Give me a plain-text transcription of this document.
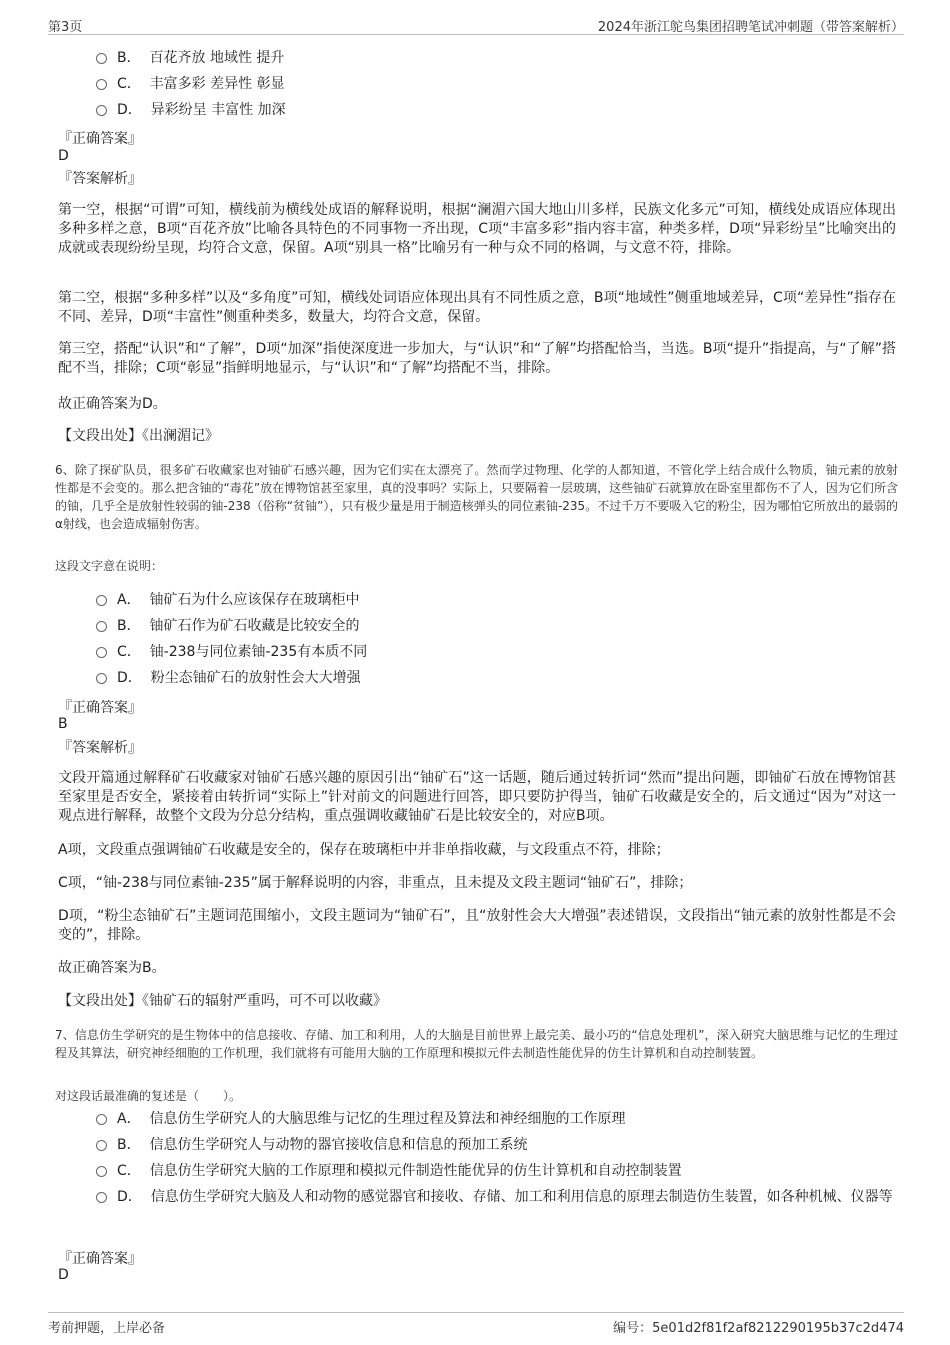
第3页	2024年浙江鸵鸟集团招聘笔试冲刺题（带答案解析）
B． 百花齐放 地域性 提升
C． 丰富多彩 差异性 彰显
D． 异彩纷呈 丰富性 加深
『正确答案』
D
『答案解析』
第一空，根据“可谓”可知，横线前为横线处成语的解释说明，根据“澜湄六国大地山川多样，民族文化多元”可知，横线处成语应体现出多种多样之意，B项“百花齐放”比喻各具特色的不同事物一齐出现，C项“丰富多彩”指内容丰富，种类多样，D项“异彩纷呈”比喻突出的成就或表现纷纷呈现，均符合文意，保留。A项“别具一格”比喻另有一种与众不同的格调，与文意不符，排除。
第二空，根据“多种多样”以及“多角度”可知，横线处词语应体现出具有不同性质之意，B项“地域性”侧重地域差异，C项“差异性”指存在不同、差异，D项“丰富性”侧重种类多，数量大，均符合文意，保留。
第三空，搭配“认识”和“了解”，D项“加深”指使深度进一步加大，与“认识”和“了解”均搭配恰当，当选。B项“提升”指提高，与“了解”搭配不当，排除；C项“彰显”指鲜明地显示，与“认识”和“了解”均搭配不当，排除。
故正确答案为D。
【文段出处】《出澜湄记》
6、除了探矿队员，很多矿石收藏家也对铀矿石感兴趣，因为它们实在太漂亮了。然而学过物理、化学的人都知道，不管化学上结合成什么物质，铀元素的放射性都是不会变的。那么把含铀的“毒花”放在博物馆甚至家里，真的没事吗？实际上，只要隔着一层玻璃，这些铀矿石就算放在卧室里都伤不了人，因为它们所含的铀，几乎全是放射性较弱的铀-238（俗称“贫铀”），只有极少量是用于制造核弹头的同位素铀-235。不过千万不要吸入它的粉尘，因为哪怕它所放出的最弱的α射线，也会造成辐射伤害。
这段文字意在说明：
A． 铀矿石为什么应该保存在玻璃柜中
B． 铀矿石作为矿石收藏是比较安全的
C． 铀-238与同位素铀-235有本质不同
D． 粉尘态铀矿石的放射性会大大增强
『正确答案』
B
『答案解析』
文段开篇通过解释矿石收藏家对铀矿石感兴趣的原因引出“铀矿石”这一话题，随后通过转折词“然而”提出问题，即铀矿石放在博物馆甚至家里是否安全，紧接着由转折词“实际上”针对前文的问题进行回答，即只要防护得当，铀矿石收藏是安全的，后文通过“因为”对这一观点进行解释，故整个文段为分总分结构，重点强调收藏铀矿石是比较安全的，对应B项。
A项，文段重点强调铀矿石收藏是安全的，保存在玻璃柜中并非单指收藏，与文段重点不符，排除；
C项，“铀-238与同位素铀-235”属于解释说明的内容，非重点，且未提及文段主题词“铀矿石”，排除；
D项，“粉尘态铀矿石”主题词范围缩小，文段主题词为“铀矿石”，且“放射性会大大增强”表述错误，文段指出“铀元素的放射性都是不会变的”，排除。
故正确答案为B。
【文段出处】《铀矿石的辐射严重吗，可不可以收藏》
7、信息仿生学研究的是生物体中的信息接收、存储、加工和利用，人的大脑是目前世界上最完美、最小巧的“信息处理机”，深入研究大脑思维与记忆的生理过程及其算法，研究神经细胞的工作机理，我们就将有可能用大脑的工作原理和模拟元件去制造性能优异的仿生计算机和自动控制装置。
对这段话最准确的复述是（　　）。
A． 信息仿生学研究人的大脑思维与记忆的生理过程及算法和神经细胞的工作原理
B． 信息仿生学研究人与动物的器官接收信息和信息的预加工系统
C． 信息仿生学研究大脑的工作原理和模拟元件制造性能优异的仿生计算机和自动控制装置
D． 信息仿生学研究大脑及人和动物的感觉器官和接收、存储、加工和利用信息的原理去制造仿生装置，如各种机械、仪器等
『正确答案』
D
考前押题，上岸必备	编号：5e01d2f81f2af8212290195b37c2d474
